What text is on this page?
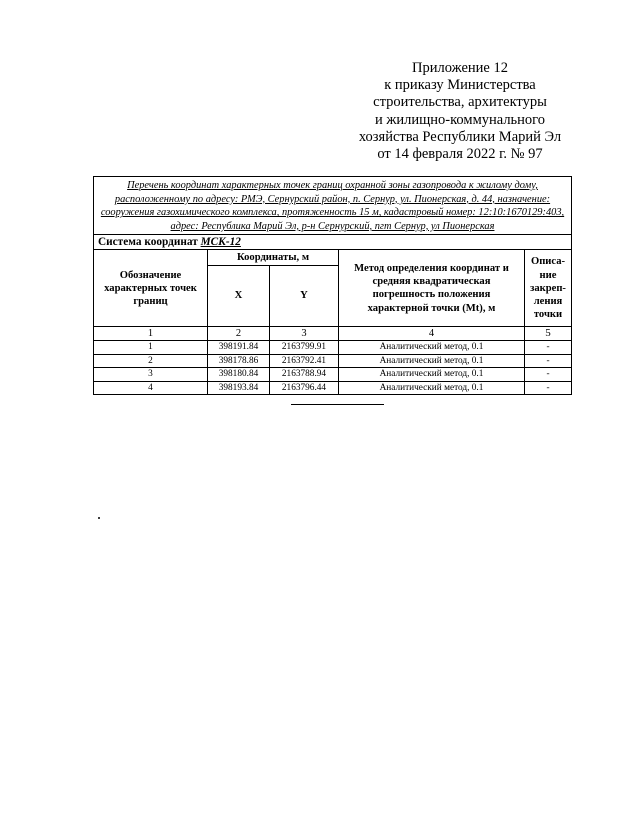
Приложение 12
к приказу Министерства
строительства, архитектуры
и жилищно-коммунального
хозяйства Республики Марий Эл
от 14 февраля 2022 г. № 97
Перечень координат характерных точек границ охранной зоны газопровода к жилому дому, расположенному по адресу: РМЭ, Сернурский район, п. Сернур, ул. Пионерская, д. 44, назначение: сооружения газохимического комплекса, протяженность 15 м, кадастровый номер: 12:10:1670129:403, адрес: Республика Марий Эл, р-н Сернурский, пгт Сернур, ул Пионерская				
Система координат МСК-12				
Обозначение характерных точек границ	Координаты, м		Метод определения координат и средняя квадратическая погрешность положения характерной точки (Mt), м	Описа-ние закреп-ления точки
	X	Y		
1	2	3	4	5
1	398191.84	2163799.91	Аналитический метод, 0.1	-
2	398178.86	2163792.41	Аналитический метод, 0.1	-
3	398180.84	2163788.94	Аналитический метод, 0.1	-
4	398193.84	2163796.44	Аналитический метод, 0.1	-
